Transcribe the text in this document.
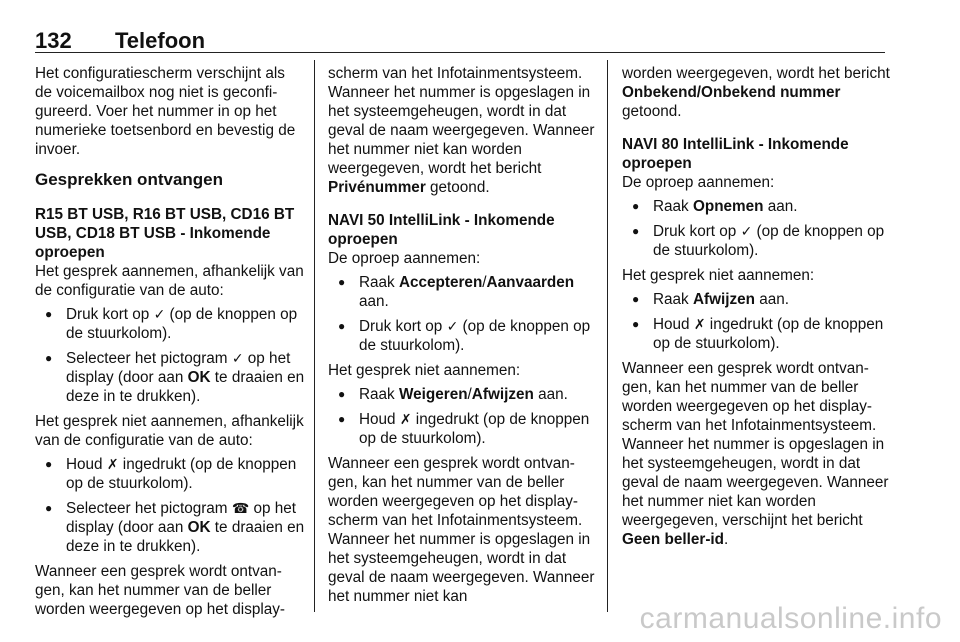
132 Telefoon

Het configuratiescherm verschijnt als de voicemailbox nog niet is geconfigureerd. Voer het nummer in op het numerieke toetsenbord en bevestig de invoer.

Gesprekken ontvangen
R15 BT USB, R16 BT USB, CD16 BT USB, CD18 BT USB - Inkomende oproepen

Het gesprek aannemen, afhankelijk van de configuratie van de auto:

● Druk kort op ✓ (op de knoppen op de stuurkolom).
● Selecteer het pictogram ✓ op het display (door aan OK te draaien en deze in te drukken).

Het gesprek niet aannemen, afhankelijk van de configuratie van de auto:

● Houd ✗ ingedrukt (op de knoppen op de stuurkolom).
● Selecteer het pictogram ☎ op het display (door aan OK te draaien en deze in te drukken).

Wanneer een gesprek wordt ontvangen, kan het nummer van de beller worden weergegeven op het display-

scherm van het Infotainmentsysteem. Wanneer het nummer is opgeslagen in het systeemgeheugen, wordt in dat geval de naam weergegeven. Wanneer het nummer niet kan worden weergegeven, wordt het bericht Privénummer getoond.

NAVI 50 IntelliLink - Inkomende oproepen

De oproep aannemen:

● Raak Accepteren/Aanvaarden aan.
● Druk kort op ✓ (op de knoppen op de stuurkolom).

Het gesprek niet aannemen:

● Raak Weigeren/Afwijzen aan.
● Houd ✗ ingedrukt (op de knoppen op de stuurkolom).

Wanneer een gesprek wordt ontvangen, kan het nummer van de beller worden weergegeven op het displayscherm van het Infotainmentsysteem. Wanneer het nummer is opgeslagen in het systeemgeheugen, wordt in dat geval de naam weergegeven. Wanneer het nummer niet kan

worden weergegeven, wordt het bericht Onbekend/Onbekend nummer getoond.

NAVI 80 IntelliLink - Inkomende oproepen

De oproep aannemen:

● Raak Opnemen aan.
● Druk kort op ✓ (op de knoppen op de stuurkolom).

Het gesprek niet aannemen:

● Raak Afwijzen aan.
● Houd ✗ ingedrukt (op de knoppen op de stuurkolom).

Wanneer een gesprek wordt ontvangen, kan het nummer van de beller worden weergegeven op het displayscherm van het Infotainmentsysteem. Wanneer het nummer is opgeslagen in het systeemgeheugen, wordt in dat geval de naam weergegeven. Wanneer het nummer niet kan worden weergegeven, verschijnt het bericht Geen beller-id.

carmanualsonline.info
